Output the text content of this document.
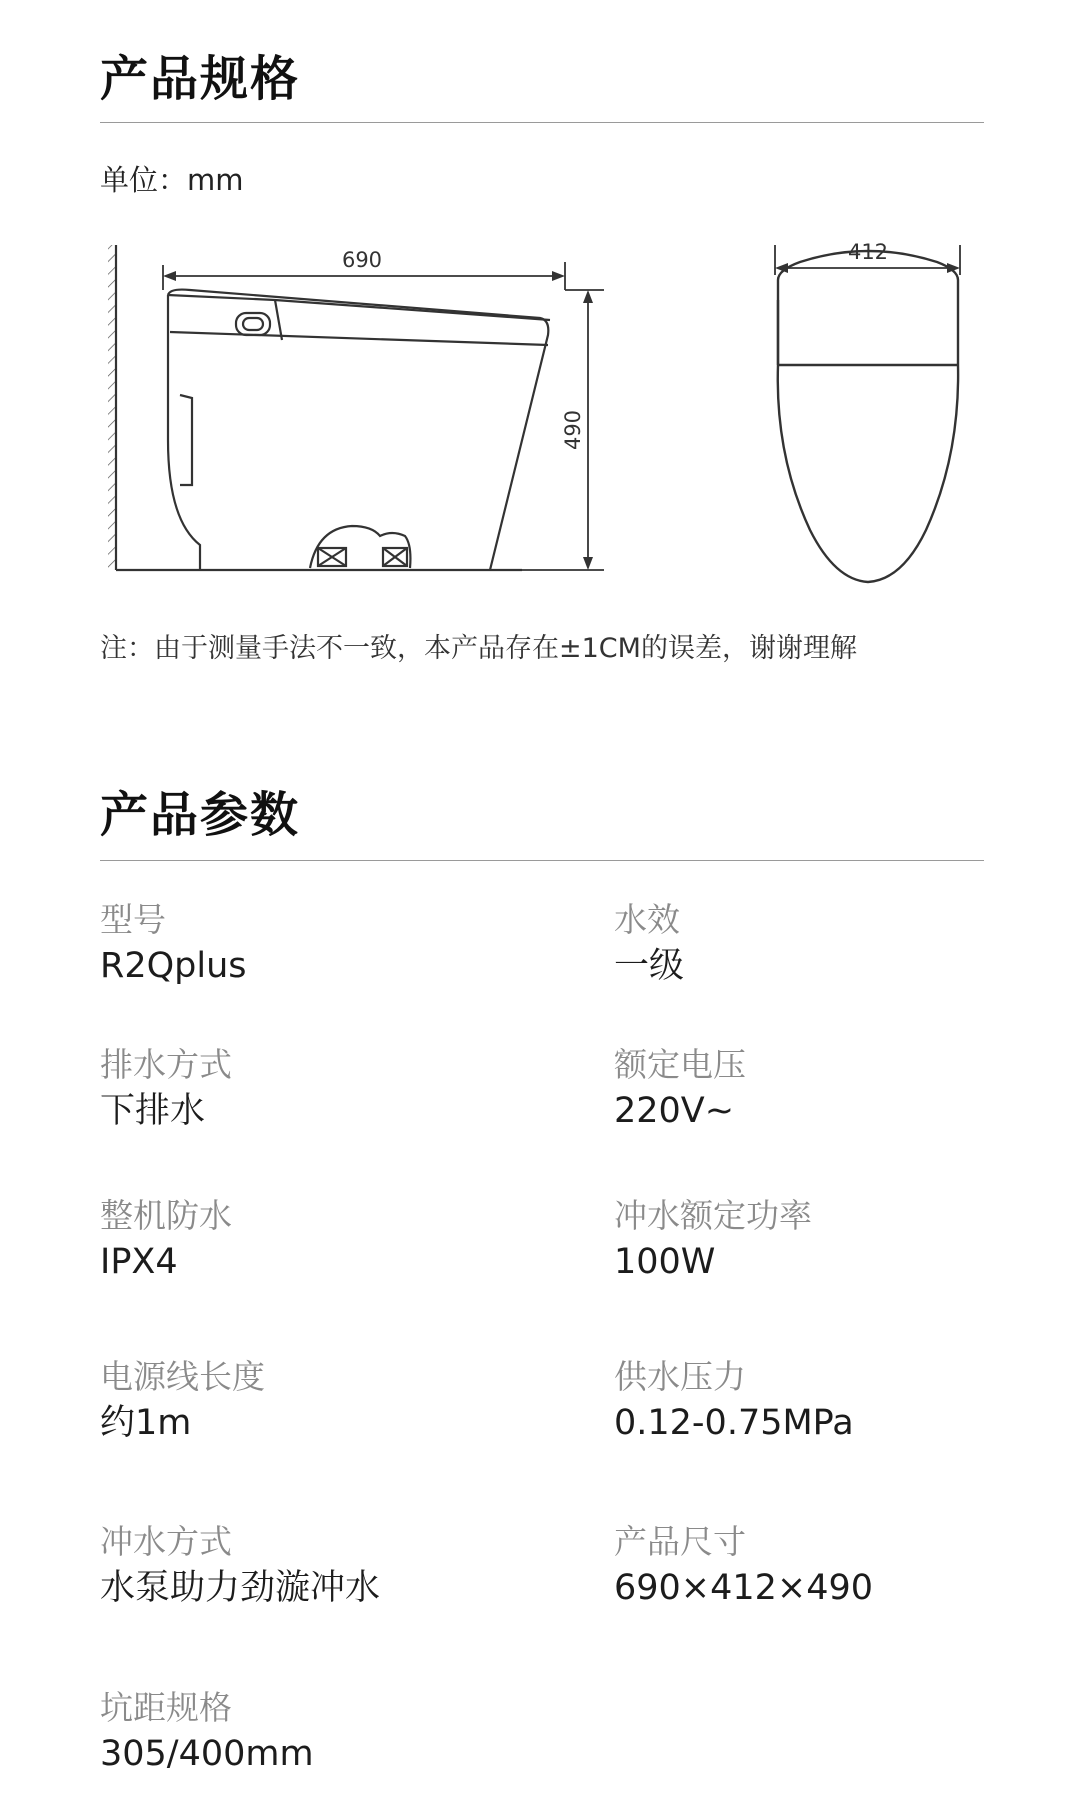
产品规格
单位：mm
690
490
412
注：由于测量手法不一致，本产品存在±1CM的误差，谢谢理解
产品参数
型号
R2Qplus
水效
一级
排水方式
下排水
额定电压
220V~
整机防水
IPX4
冲水额定功率
100W
电源线长度
约1m
供水压力
0.12-0.75MPa
冲水方式
水泵助力劲漩冲水
产品尺寸
690×412×490
坑距规格
305/400mm
